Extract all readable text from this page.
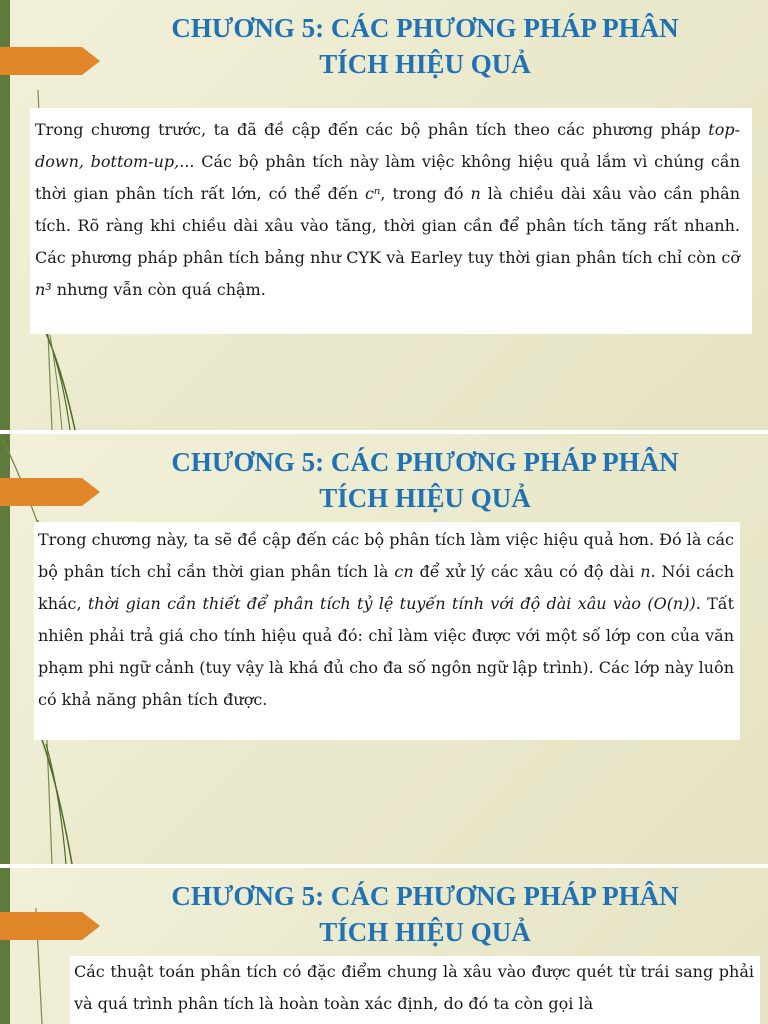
CHƯƠNG 5: CÁC PHƯƠNG PHÁP PHÂN
TÍCH HIỆU QUẢ

Trong chương trước, ta đã đề cập đến các bộ phân tích theo các phương pháp top-down, bottom-up,... Các bộ phân tích này làm việc không hiệu quả lắm vì chúng cần thời gian phân tích rất lớn, có thể đến cⁿ, trong đó n là chiều dài xâu vào cần phân tích. Rõ ràng khi chiều dài xâu vào tăng, thời gian cần để phân tích tăng rất nhanh. Các phương pháp phân tích bảng như CYK và Earley tuy thời gian phân tích chỉ còn cỡ n³ nhưng vẫn còn quá chậm.

CHƯƠNG 5: CÁC PHƯƠNG PHÁP PHÂN
TÍCH HIỆU QUẢ

Trong chương này, ta sẽ đề cập đến các bộ phân tích làm việc hiệu quả hơn. Đó là các bộ phân tích chỉ cần thời gian phân tích là cn để xử lý các xâu có độ dài n. Nói cách khác, thời gian cần thiết để phân tích tỷ lệ tuyến tính với độ dài xâu vào (O(n)). Tất nhiên phải trả giá cho tính hiệu quả đó: chỉ làm việc được với một số lớp con của văn phạm phi ngữ cảnh (tuy vậy là khá đủ cho đa số ngôn ngữ lập trình). Các lớp này luôn có khả năng phân tích được.

CHƯƠNG 5: CÁC PHƯƠNG PHÁP PHÂN
TÍCH HIỆU QUẢ

Các thuật toán phân tích có đặc điểm chung là xâu vào được quét từ trái sang phải và quá trình phân tích là hoàn toàn xác định, do đó ta còn gọi là
